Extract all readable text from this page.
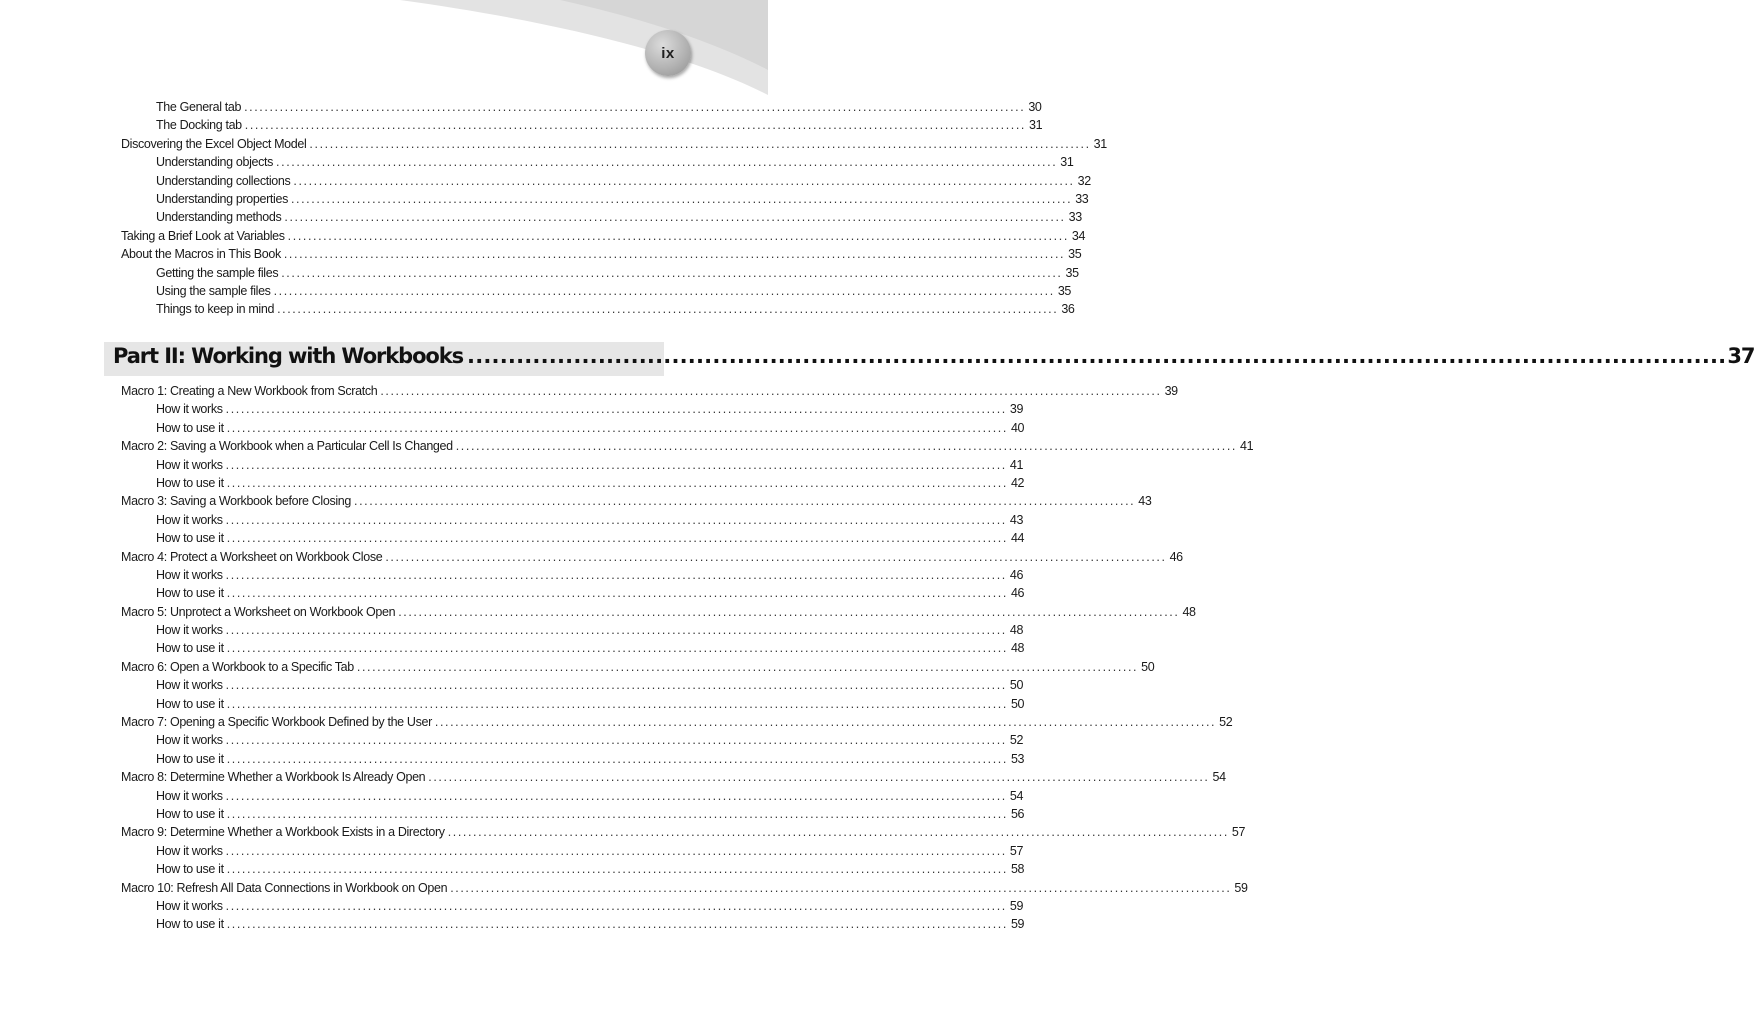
ix
The General tab .......................................................................................................................................................... 30
The Docking tab .......................................................................................................................................................... 31
Discovering the Excel Object Model .......................................................................................................................................................... 31
Understanding objects .......................................................................................................................................................... 31
Understanding collections .......................................................................................................................................................... 32
Understanding properties .......................................................................................................................................................... 33
Understanding methods .......................................................................................................................................................... 33
Taking a Brief Look at Variables .......................................................................................................................................................... 34
About the Macros in This Book .......................................................................................................................................................... 35
Getting the sample files .......................................................................................................................................................... 35
Using the sample files .......................................................................................................................................................... 35
Things to keep in mind .......................................................................................................................................................... 36
Part II: Working with Workbooks .......................................................................................................................................................... 37
Macro 1: Creating a New Workbook from Scratch .......................................................................................................................................................... 39
How it works .......................................................................................................................................................... 39
How to use it .......................................................................................................................................................... 40
Macro 2: Saving a Workbook when a Particular Cell Is Changed .......................................................................................................................................................... 41
How it works .......................................................................................................................................................... 41
How to use it .......................................................................................................................................................... 42
Macro 3: Saving a Workbook before Closing .......................................................................................................................................................... 43
How it works .......................................................................................................................................................... 43
How to use it .......................................................................................................................................................... 44
Macro 4: Protect a Worksheet on Workbook Close .......................................................................................................................................................... 46
How it works .......................................................................................................................................................... 46
How to use it .......................................................................................................................................................... 46
Macro 5: Unprotect a Worksheet on Workbook Open .......................................................................................................................................................... 48
How it works .......................................................................................................................................................... 48
How to use it .......................................................................................................................................................... 48
Macro 6: Open a Workbook to a Specific Tab .......................................................................................................................................................... 50
How it works .......................................................................................................................................................... 50
How to use it .......................................................................................................................................................... 50
Macro 7: Opening a Specific Workbook Defined by the User .......................................................................................................................................................... 52
How it works .......................................................................................................................................................... 52
How to use it .......................................................................................................................................................... 53
Macro 8: Determine Whether a Workbook Is Already Open .......................................................................................................................................................... 54
How it works .......................................................................................................................................................... 54
How to use it .......................................................................................................................................................... 56
Macro 9: Determine Whether a Workbook Exists in a Directory .......................................................................................................................................................... 57
How it works .......................................................................................................................................................... 57
How to use it .......................................................................................................................................................... 58
Macro 10: Refresh All Data Connections in Workbook on Open .......................................................................................................................................................... 59
How it works .......................................................................................................................................................... 59
How to use it .......................................................................................................................................................... 59
